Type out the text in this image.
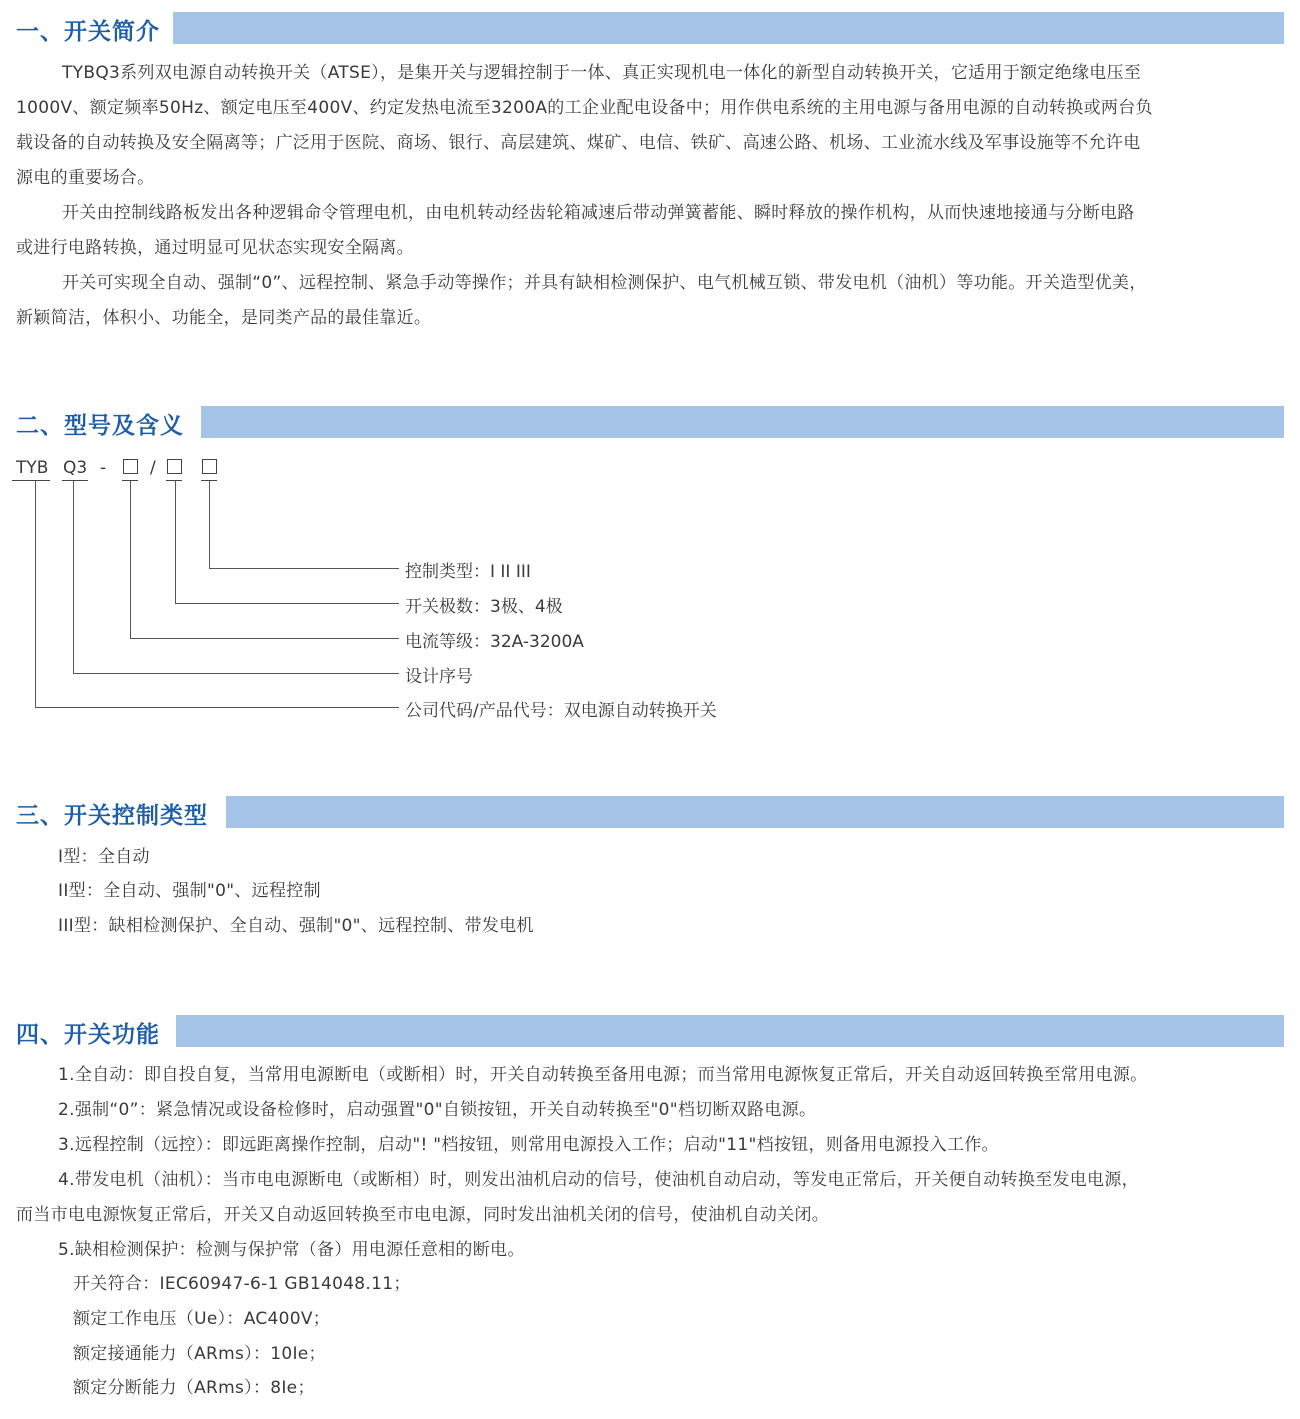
一、开关简介
TYBQ3系列双电源自动转换开关（ATSE），是集开关与逻辑控制于一体、真正实现机电一体化的新型自动转换开关，它适用于额定绝缘电压至
1000V、额定频率50Hz、额定电压至400V、约定发热电流至3200A的工企业配电设备中；用作供电系统的主用电源与备用电源的自动转换或两台负
载设备的自动转换及安全隔离等；广泛用于医院、商场、银行、高层建筑、煤矿、电信、铁矿、高速公路、机场、工业流水线及军事设施等不允许电
源电的重要场合。
开关由控制线路板发出各种逻辑命令管理电机，由电机转动经齿轮箱减速后带动弹簧蓄能、瞬时释放的操作机构，从而快速地接通与分断电路
或进行电路转换，通过明显可见状态实现安全隔离。
开关可实现全自动、强制“0”、远程控制、紧急手动等操作；并具有缺相检测保护、电气机械互锁、带发电机（油机）等功能。开关造型优美，
新颖简洁，体积小、功能全，是同类产品的最佳靠近。
二、型号及含义
TYB Q3 -	/
控制类型：I II III
开关极数：3极、4极
电流等级：32A-3200A
设计序号
公司代码/产品代号：双电源自动转换开关
三、开关控制类型
I型：全自动
II型：全自动、强制"0"、远程控制
III型：缺相检测保护、全自动、强制"0"、远程控制、带发电机
四、开关功能
1.全自动：即自投自复，当常用电源断电（或断相）时，开关自动转换至备用电源；而当常用电源恢复正常后，开关自动返回转换至常用电源。
2.强制“0”：紧急情况或设备检修时，启动强置"0"自锁按钮，开关自动转换至"0"档切断双路电源。
3.远程控制（远控）：即远距离操作控制，启动"! "档按钮，则常用电源投入工作；启动"11"档按钮，则备用电源投入工作。
4.带发电机（油机）：当市电电源断电（或断相）时，则发出油机启动的信号，使油机自动启动，等发电正常后，开关便自动转换至发电电源，
而当市电电源恢复正常后，开关又自动返回转换至市电电源，同时发出油机关闭的信号，使油机自动关闭。
5.缺相检测保护：检测与保护常（备）用电源任意相的断电。
开关符合：IEC60947-6-1 GB14048.11；
额定工作电压（Ue）：AC400V；
额定接通能力（ARms）：10Ie；
额定分断能力（ARms）：8Ie；
